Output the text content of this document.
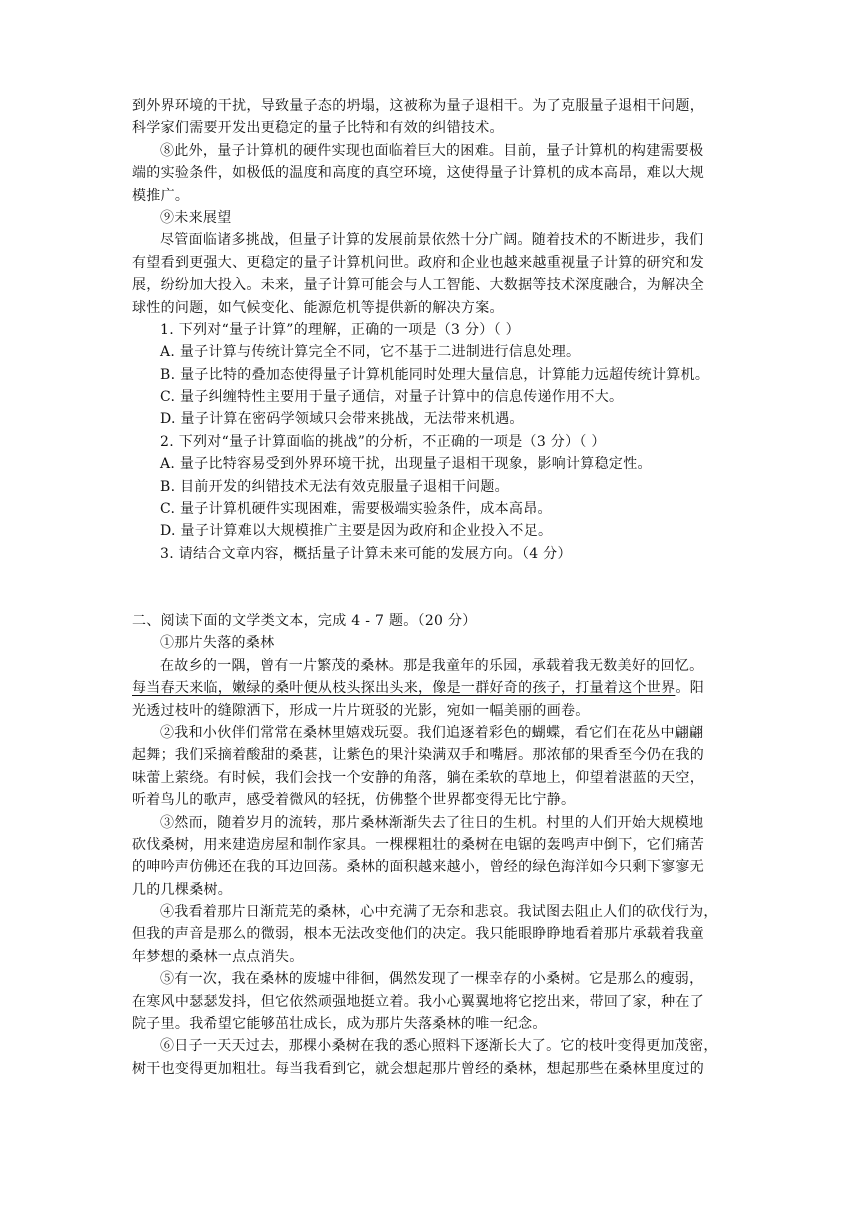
到外界环境的干扰，导致量子态的坍塌，这被称为量子退相干。为了克服量子退相干问题，
科学家们需要开发出更稳定的量子比特和有效的纠错技术。
⑧此外，量子计算机的硬件实现也面临着巨大的困难。目前，量子计算机的构建需要极
端的实验条件，如极低的温度和高度的真空环境，这使得量子计算机的成本高昂，难以大规
模推广。
⑨未来展望
尽管面临诸多挑战，但量子计算的发展前景依然十分广阔。随着技术的不断进步，我们
有望看到更强大、更稳定的量子计算机问世。政府和企业也越来越重视量子计算的研究和发
展，纷纷加大投入。未来，量子计算可能会与人工智能、大数据等技术深度融合，为解决全
球性的问题，如气候变化、能源危机等提供新的解决方案。
1. 下列对“量子计算”的理解，正确的一项是（3 分）（ ）
A. 量子计算与传统计算完全不同，它不基于二进制进行信息处理。
B. 量子比特的叠加态使得量子计算机能同时处理大量信息，计算能力远超传统计算机。
C. 量子纠缠特性主要用于量子通信，对量子计算中的信息传递作用不大。
D. 量子计算在密码学领域只会带来挑战，无法带来机遇。
2. 下列对“量子计算面临的挑战”的分析，不正确的一项是（3 分）（ ）
A. 量子比特容易受到外界环境干扰，出现量子退相干现象，影响计算稳定性。
B. 目前开发的纠错技术无法有效克服量子退相干问题。
C. 量子计算机硬件实现困难，需要极端实验条件，成本高昂。
D. 量子计算难以大规模推广主要是因为政府和企业投入不足。
3. 请结合文章内容，概括量子计算未来可能的发展方向。（4 分）
二、阅读下面的文学类文本，完成 4 - 7 题。（20 分）
①那片失落的桑林
在故乡的一隅，曾有一片繁茂的桑林。那是我童年的乐园，承载着我无数美好的回忆。
每当春天来临，嫩绿的桑叶便从枝头探出头来，像是一群好奇的孩子，打量着这个世界。阳
光透过枝叶的缝隙洒下，形成一片片斑驳的光影，宛如一幅美丽的画卷。
②我和小伙伴们常常在桑林里嬉戏玩耍。我们追逐着彩色的蝴蝶，看它们在花丛中翩翩
起舞；我们采摘着酸甜的桑葚，让紫色的果汁染满双手和嘴唇。那浓郁的果香至今仍在我的
味蕾上萦绕。有时候，我们会找一个安静的角落，躺在柔软的草地上，仰望着湛蓝的天空，
听着鸟儿的歌声，感受着微风的轻抚，仿佛整个世界都变得无比宁静。
③然而，随着岁月的流转，那片桑林渐渐失去了往日的生机。村里的人们开始大规模地
砍伐桑树，用来建造房屋和制作家具。一棵棵粗壮的桑树在电锯的轰鸣声中倒下，它们痛苦
的呻吟声仿佛还在我的耳边回荡。桑林的面积越来越小，曾经的绿色海洋如今只剩下寥寥无
几的几棵桑树。
④我看着那片日渐荒芜的桑林，心中充满了无奈和悲哀。我试图去阻止人们的砍伐行为，
但我的声音是那么的微弱，根本无法改变他们的决定。我只能眼睁睁地看着那片承载着我童
年梦想的桑林一点点消失。
⑤有一次，我在桑林的废墟中徘徊，偶然发现了一棵幸存的小桑树。它是那么的瘦弱，
在寒风中瑟瑟发抖，但它依然顽强地挺立着。我小心翼翼地将它挖出来，带回了家，种在了
院子里。我希望它能够茁壮成长，成为那片失落桑林的唯一纪念。
⑥日子一天天过去，那棵小桑树在我的悉心照料下逐渐长大了。它的枝叶变得更加茂密，
树干也变得更加粗壮。每当我看到它，就会想起那片曾经的桑林，想起那些在桑林里度过的
